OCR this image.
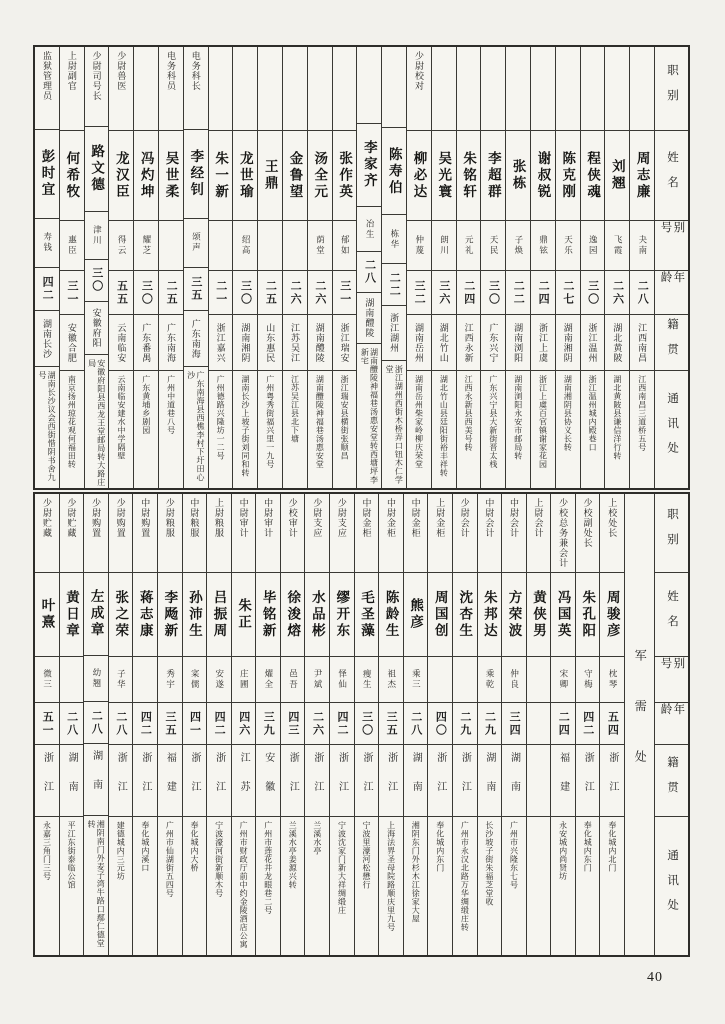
职别
姓名
别号
年龄
籍贯
通讯处
周志廉
夬南
二八
江西南昌
江西南昌三道桥五号
刘翘
飞霞
二六
湖北黄陂
湖北黄陂县谦信洋行转
程侠魂
逸园
三〇
浙江温州
浙江温州城内殿巷口
陈克刚
天乐
二七
湖南湘阴
湖南湘阴县协义长转
谢叔锐
鼎铉
二四
浙江上虞
浙江上虞百官镇谢家花园
张栋
子焕
二二
湖南浏阳
湖南浏阳永安市邮局转
李超群
天民
三〇
广东兴宁
广东兴宁县大新街晋太栈
朱铭轩
元礼
二四
江西永新
江西永新县西美号转
吴光寰
朗川
三六
湖北竹山
湖北竹山县廷阳街裕丰祥转
少尉校对
柳必达
仲蔑
三二
湖南岳州
湖南岳州柴家岭柳庆荣堂
陈寿伯
栋华
二二
浙江湖州
浙江湖州西街木桥弄口钮木仁学堂
李家齐
冶生
二八
湖南醴陵
湖南醴陵神福巷汤惠安堂转西塘坪李新宅
张作英
郁如
三一
浙江瑞安
浙江瑞安县横街张顺昌
汤全元
荫堂
二六
湖南醴陵
湖南醴陵神福巷汤惠安堂
金鲁望
二六
江苏吴江
江苏吴江县北下塘
王鼎
二五
山东惠民
广州粤秀街福兴里一九号
龙世瑜
绍高
三〇
湖南湘阴
湖南长沙上坡子街刘同和转
朱一新
二一
浙江嘉兴
广州德路兴隆坊一二号
电务科长
李经钊
颂声
三五
广东南海
广东南海县西樵李村下圩田心沙
电务科员
吴世柔
二五
广东南海
广州中道巷八号
冯灼坤
耀芝
三〇
广东番禺
广东黄埔乡剧园
少尉兽医
龙汉臣
得云
五五
云南临安
云南临安建水中学隔壁
少尉司号长
路文德
津川
三〇
安徽府阳
安徽府阳县西龙王堂邮局转大路庄局
上尉副官
何希牧
惠臣
三一
安徽合肥
南京扬州琼花观何福田转
监狱管理员
彭时宜
寿钱
四二
湖南长沙
湖南长沙议会西街惜阴书舍九号
职别
姓名
别号
年龄
籍贯
通讯处
军需处
上校处长
周骏彦
枕琴
五四
浙江
奉化城内北门
少校副处长
朱孔阳
守梅
四二
浙江
奉化城内东门
少校总务兼会计
冯国英
宋卿
二四
福建
永安城内尚贤坊
上尉会计
黄侠男
中尉会计
方荣波
仲良
三四
湖南
广州市兴隆东七号
中尉会计
朱邦达
乘乾
二九
湖南
长沙坡子街朱福芝堂收
少尉会计
沈杏生
二九
浙江
广州市永汉北路万华绸缎庄转
上尉金柜
周国创
四〇
浙江
奉化城内东门
中尉金柜
熊彦
乘三
二八
湖南
湘阴东门外杉木江徐家大屋
中尉金柜
陈龄生
祖杰
三五
浙江
上海法界圣母院路顺庆里九号
中尉金柜
毛圣藻
瘦生
三〇
浙江
宁波里濠河松懋行
少尉支应
缪开东
怿仙
四二
浙江
宁波沈家门新大祥绸缎庄
少尉支应
水品彬
尹斌
二六
浙江
兰溪水亭
少校审计
徐浚熔
邑吾
四三
浙江
兰溪水亭姜源兴转
中尉审计
毕铭新
燿全
三九
安徽
广州市莲花井龙眼巷二号
中尉审计
朱正
庄圃
四六
江苏
广州市财政厅前中约金陵酒店公寓
上尉粮服
吕振周
安遂
四二
浙江
宁波濠河街新顺木号
中尉粮服
孙沛生
寀儒
四一
浙江
奉化城内大桥
少尉粮服
李飏新
秀宇
三五
福建
广州市仙湖街五四号
中尉购置
蒋志康
四二
浙江
奉化城内溪口
少尉购置
张之荣
子华
二八
浙江
建德城内三元坊
少尉购置
左成章
幼翘
二八
湖南
湘阴南门外麦子湾牛路口鄢仁德堂转
少尉贮藏
黄日章
二八
湖南
平江东街泰临公馆
少尉贮藏
叶熹
微三
五一
浙江
永嘉三角门三号
40
